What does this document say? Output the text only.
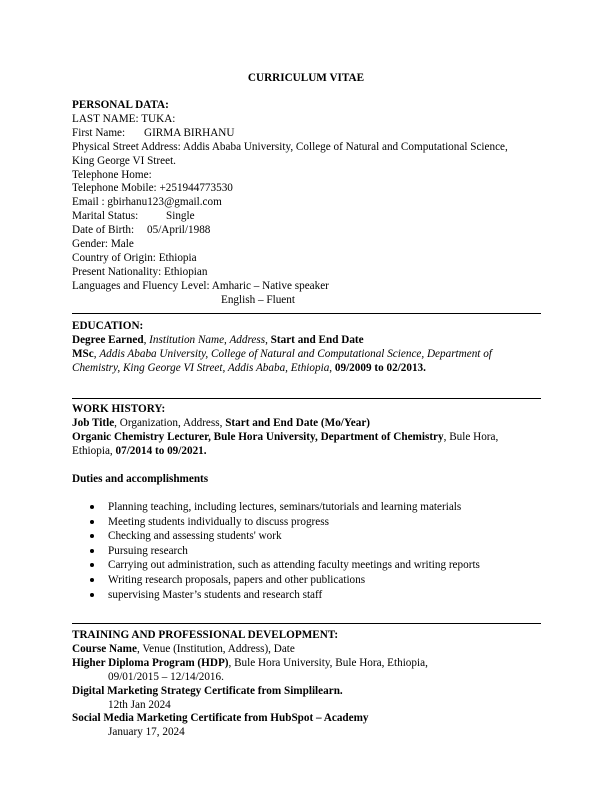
CURRICULUM VITAE
PERSONAL DATA:
LAST NAME: TUKA:
First Name: GIRMA BIRHANU
Physical Street Address: Addis Ababa University, College of Natural and Computational Science,
King George VI Street.
Telephone Home:
Telephone Mobile: +251944773530
Email : gbirhanu123@gmail.com
Marital Status: Single
Date of Birth: 05/April/1988
Gender: Male
Country of Origin: Ethiopia
Present Nationality: Ethiopian
Languages and Fluency Level: Amharic – Native speaker
English – Fluent
EDUCATION:
Degree Earned, Institution Name, Address, Start and End Date
MSc, Addis Ababa University, College of Natural and Computational Science, Department of
Chemistry, King George VI Street, Addis Ababa, Ethiopia, 09/2009 to 02/2013.
WORK HISTORY:
Job Title, Organization, Address, Start and End Date (Mo/Year)
Organic Chemistry Lecturer, Bule Hora University, Department of Chemistry, Bule Hora,
Ethiopia, 07/2014 to 09/2021.
Duties and accomplishments
Planning teaching, including lectures, seminars/tutorials and learning materials
Meeting students individually to discuss progress
Checking and assessing students' work
Pursuing research
Carrying out administration, such as attending faculty meetings and writing reports
Writing research proposals, papers and other publications
supervising Master’s students and research staff
TRAINING AND PROFESSIONAL DEVELOPMENT:
Course Name, Venue (Institution, Address), Date
Higher Diploma Program (HDP), Bule Hora University, Bule Hora, Ethiopia,
09/01/2015 – 12/14/2016.
Digital Marketing Strategy Certificate from Simplilearn.
12th Jan 2024
Social Media Marketing Certificate from HubSpot – Academy
January 17, 2024
